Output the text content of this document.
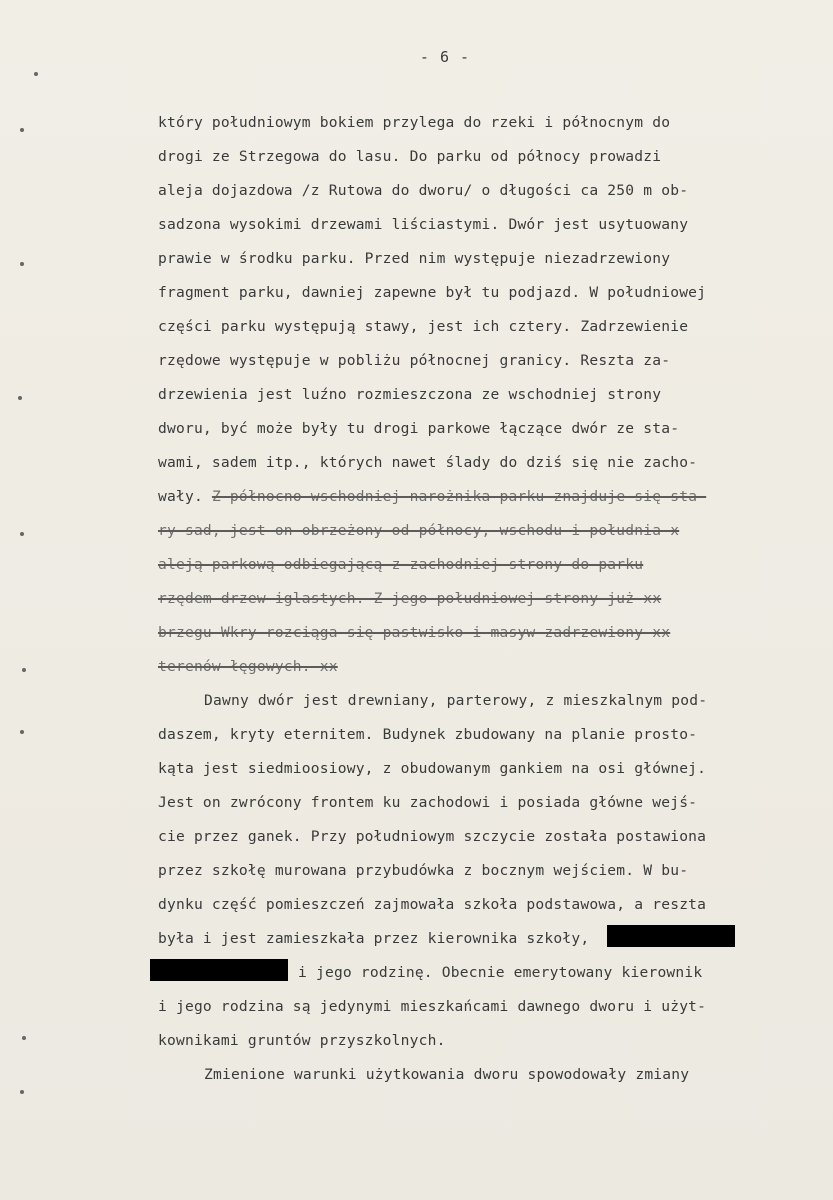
- 6 -
który południowym bokiem przylega do rzeki i północnym do
drogi ze Strzegowa do lasu. Do parku od północy prowadzi
aleja dojazdowa /z Rutowa do dworu/ o długości ca 250 m ob-
sadzona wysokimi drzewami liściastymi. Dwór jest usytuowany
prawie w środku parku. Przed nim występuje niezadrzewiony
fragment parku, dawniej zapewne był tu podjazd. W południowej
części parku występują stawy, jest ich cztery. Zadrzewienie
rzędowe występuje w pobliżu północnej granicy. Reszta za-
drzewienia jest luźno rozmieszczona ze wschodniej strony
dworu, być może były tu drogi parkowe łączące dwór ze sta-
wami, sadem itp., których nawet ślady do dziś się nie zacho-
wały. Z północno-wschodniej narożnika parku znajduje się sta-
ry sad, jest on obrzeżony od północy, wschodu i południa x
aleją parkową odbiegającą z zachodniej strony do parku
rzędem drzew iglastych. Z jego południowej strony już xx
brzegu Wkry rozciąga się pastwisko i masyw zadrzewiony xx
terenów łęgowych. xx
Dawny dwór jest drewniany, parterowy, z mieszkalnym pod-
daszem, kryty eternitem. Budynek zbudowany na planie prosto-
kąta jest siedmioosiowy, z obudowanym gankiem na osi głównej.
Jest on zwrócony frontem ku zachodowi i posiada główne wejś-
cie przez ganek. Przy południowym szczycie została postawiona
przez szkołę murowana przybudówka z bocznym wejściem. W bu-
dynku część pomieszczeń zajmowała szkoła podstawowa, a reszta
była i jest zamieszkała przez kierownika szkoły,
i jego rodzinę. Obecnie emerytowany kierownik
i jego rodzina są jedynymi mieszkańcami dawnego dworu i użyt-
kownikami gruntów przyszkolnych.
Zmienione warunki użytkowania dworu spowodowały zmiany
